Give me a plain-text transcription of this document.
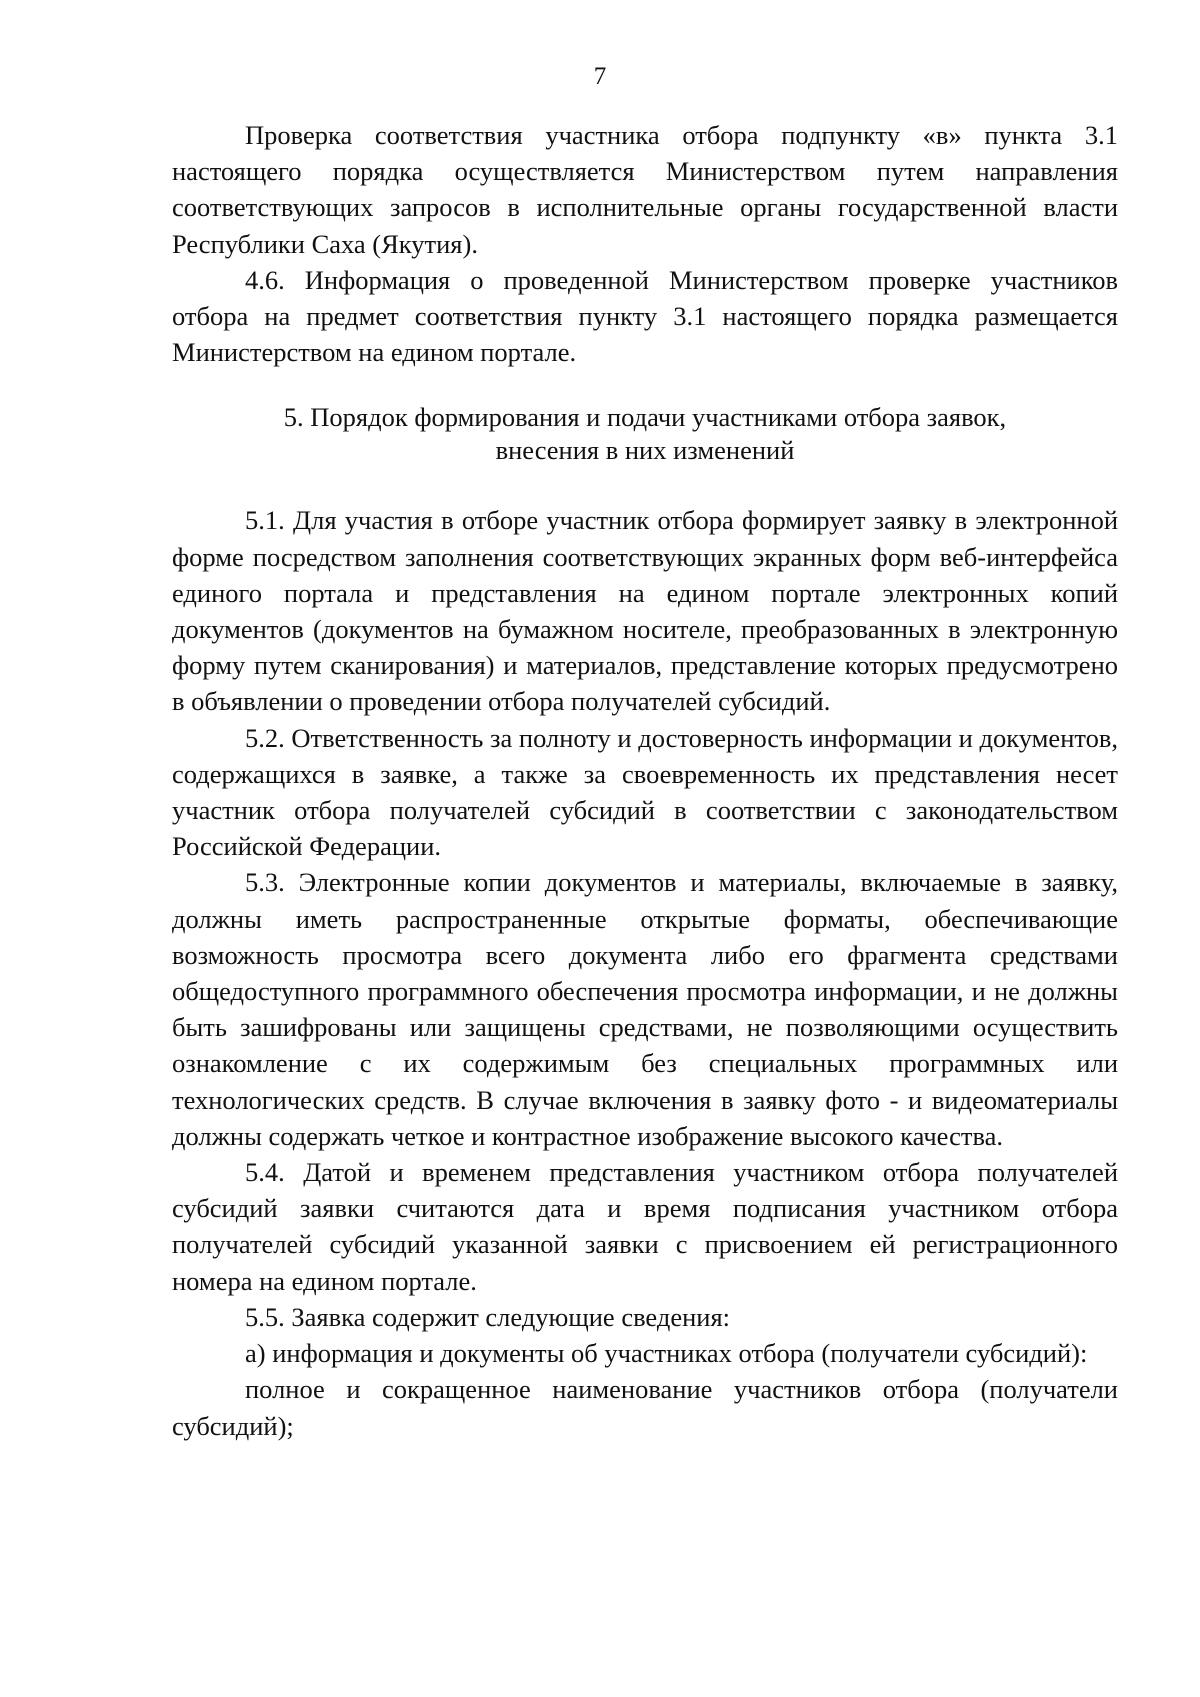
7

Проверка соответствия участника отбора подпункту «в» пункта 3.1 настоящего порядка осуществляется Министерством путем направления соответствующих запросов в исполнительные органы государственной власти Республики Саха (Якутия).

4.6. Информация о проведенной Министерством проверке участников отбора на предмет соответствия пункту 3.1 настоящего порядка размещается Министерством на едином портале.

5. Порядок формирования и подачи участниками отбора заявок,
внесения в них изменений

5.1. Для участия в отборе участник отбора формирует заявку в электронной форме посредством заполнения соответствующих экранных форм веб-интерфейса единого портала и представления на едином портале электронных копий документов (документов на бумажном носителе, преобразованных в электронную форму путем сканирования) и материалов, представление которых предусмотрено в объявлении о проведении отбора получателей субсидий.

5.2. Ответственность за полноту и достоверность информации и документов, содержащихся в заявке, а также за своевременность их представления несет участник отбора получателей субсидий в соответствии с законодательством Российской Федерации.

5.3. Электронные копии документов и материалы, включаемые в заявку, должны иметь распространенные открытые форматы, обеспечивающие возможность просмотра всего документа либо его фрагмента средствами общедоступного программного обеспечения просмотра информации, и не должны быть зашифрованы или защищены средствами, не позволяющими осуществить ознакомление с их содержимым без специальных программных или технологических средств. В случае включения в заявку фото - и видеоматериалы должны содержать четкое и контрастное изображение высокого качества.

5.4. Датой и временем представления участником отбора получателей субсидий заявки считаются дата и время подписания участником отбора получателей субсидий указанной заявки с присвоением ей регистрационного номера на едином портале.

5.5. Заявка содержит следующие сведения:

а) информация и документы об участниках отбора (получатели субсидий):

полное и сокращенное наименование участников отбора (получатели субсидий);
